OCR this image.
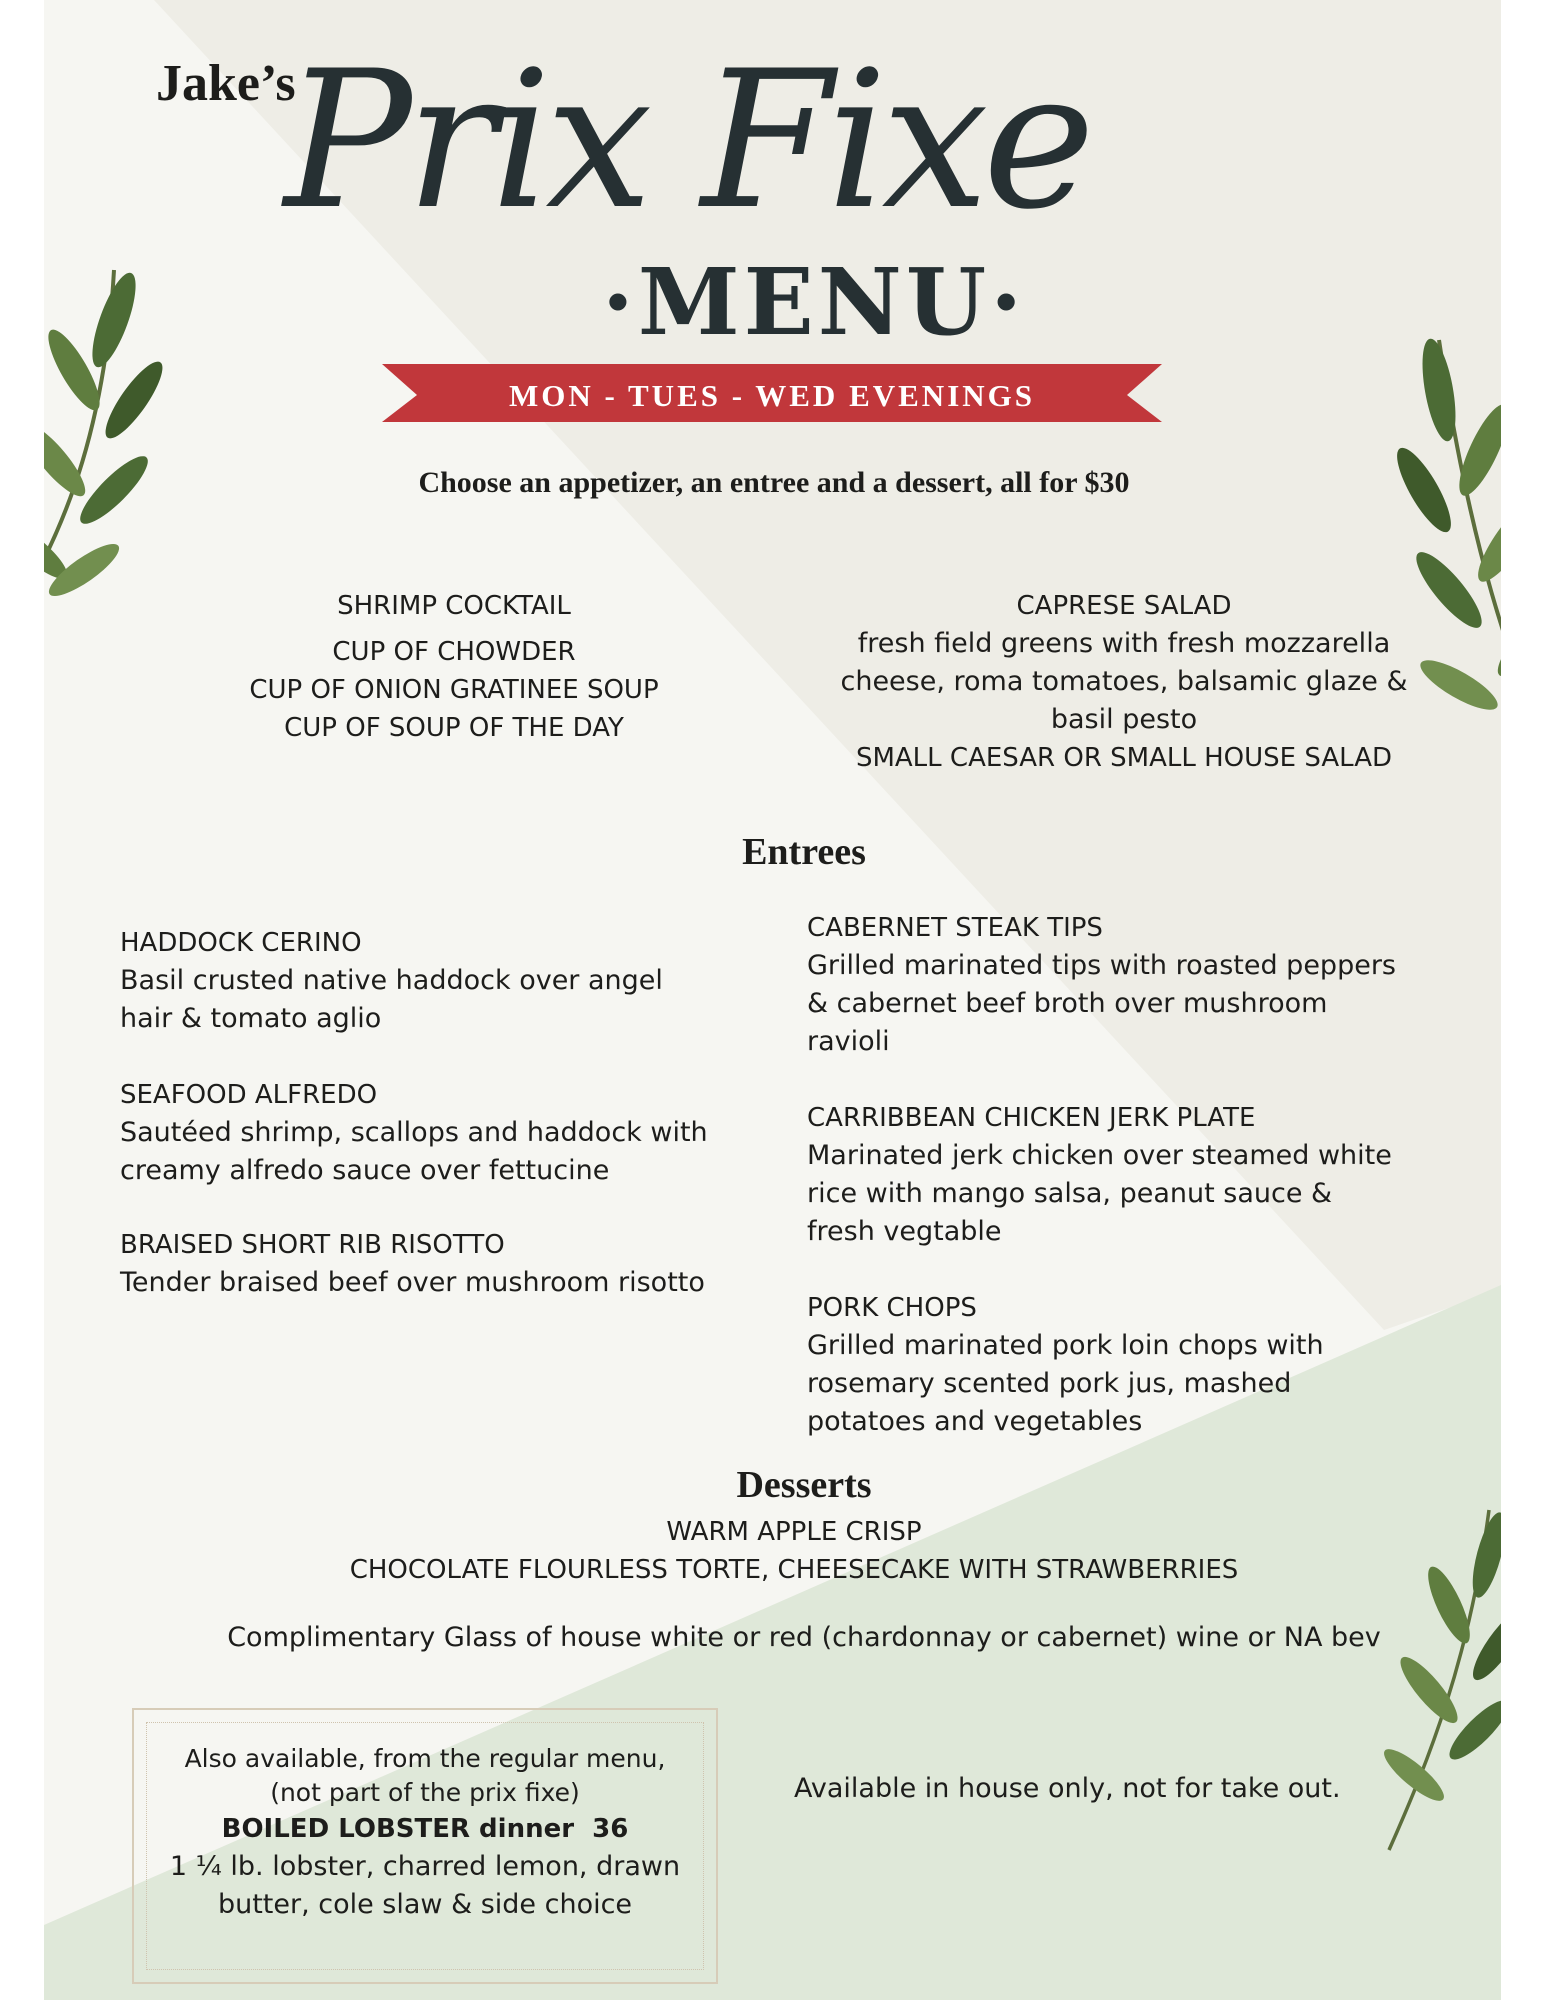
Jake’s
Prix Fixe
·MENU·
MON - TUES - WED EVENINGS
Choose an appetizer, an entree and a dessert, all for $30
SHRIMP COCKTAIL
CUP OF CHOWDER
CUP OF ONION GRATINEE SOUP
CUP OF SOUP OF THE DAY
CAPRESE SALAD
fresh field greens with fresh mozzarella
cheese, roma tomatoes, balsamic glaze &
basil pesto
SMALL CAESAR OR SMALL HOUSE SALAD
Entrees
HADDOCK CERINO
Basil crusted native haddock over angel
hair & tomato aglio
SEAFOOD ALFREDO
Sautéed shrimp, scallops and haddock with
creamy alfredo sauce over fettucine
BRAISED SHORT RIB RISOTTO
Tender braised beef over mushroom risotto
CABERNET STEAK TIPS
Grilled marinated tips with roasted peppers
& cabernet beef broth over mushroom
ravioli
CARRIBBEAN CHICKEN JERK PLATE
Marinated jerk chicken over steamed white
rice with mango salsa, peanut sauce &
fresh vegtable
PORK CHOPS
Grilled marinated pork loin chops with
rosemary scented pork jus, mashed
potatoes and vegetables
Desserts
WARM APPLE CRISP
CHOCOLATE FLOURLESS TORTE, CHEESECAKE WITH STRAWBERRIES
Complimentary Glass of house white or red (chardonnay or cabernet) wine or NA bev
Also available, from the regular menu,
(not part of the prix fixe)
BOILED LOBSTER dinner  36
1 ¼ lb. lobster, charred lemon, drawn
butter, cole slaw & side choice
Available in house only, not for take out.
